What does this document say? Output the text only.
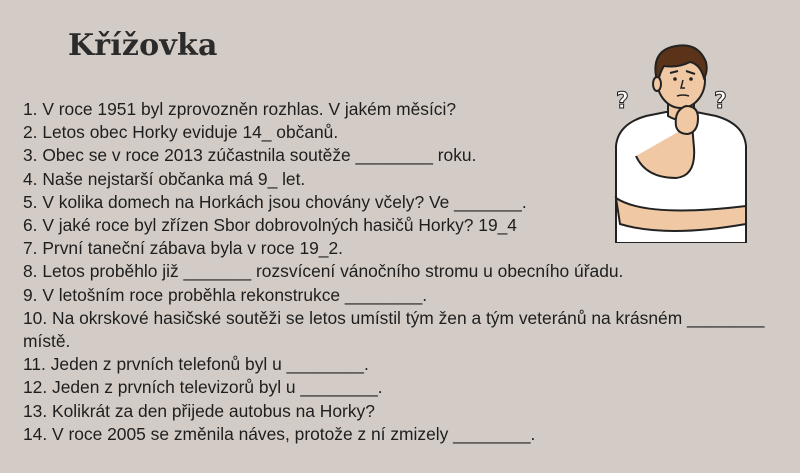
Křížovka
?	?
1. V roce 1951 byl zprovozněn rozhlas. V jakém měsíci?
2. Letos obec Horky eviduje 14_ občanů.
3. Obec se v roce 2013 zúčastnila soutěže ________ roku.
4. Naše nejstarší občanka má 9_ let.
5. V kolika domech na Horkách jsou chovány včely? Ve _______.
6. V jaké roce byl zřízen Sbor dobrovolných hasičů Horky? 19_4
7. První taneční zábava byla v roce 19_2.
8. Letos proběhlo již _______ rozsvícení vánočního stromu u obecního úřadu.
9. V letošním roce proběhla rekonstrukce ________.
10. Na okrskové hasičské soutěži se letos umístil tým žen a tým veteránů na krásném ________ místě.
11. Jeden z prvních telefonů byl u ________.
12. Jeden z prvních televizorů byl u ________.
13. Kolikrát za den přijede autobus na Horky?
14. V roce 2005 se změnila náves, protože z ní zmizely ________.
